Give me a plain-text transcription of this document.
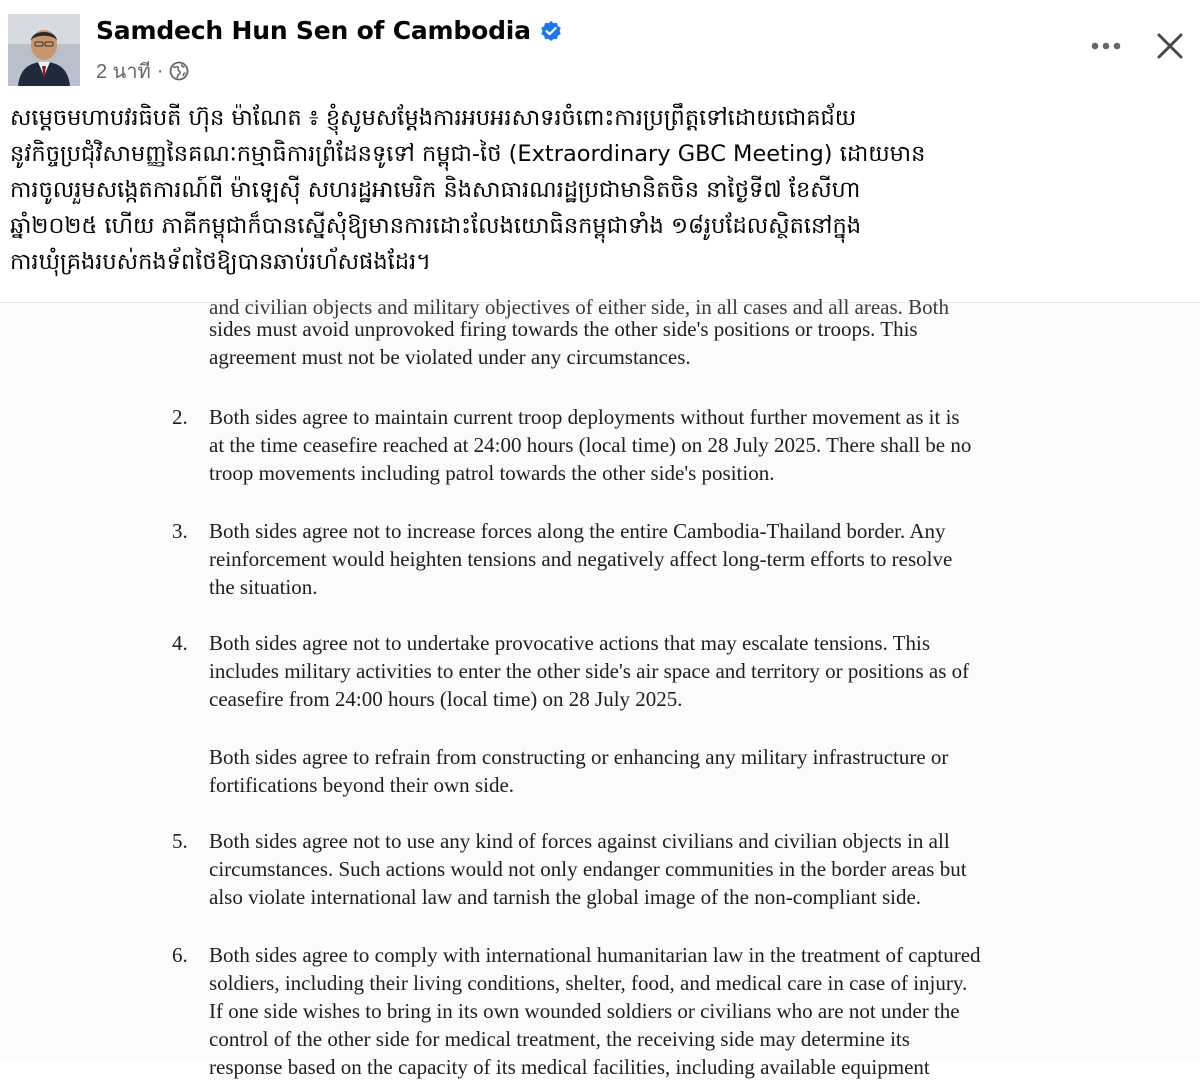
Samdech Hun Sen of Cambodia
2 นาที ·
សម្តេចមហាបវរធិបតី ហ៊ុន ម៉ាណែត ៖ ខ្ញុំសូមសម្តែងការអបអរសាទរចំពោះការប្រព្រឹត្តទៅដោយជោគជ័យ
នូវកិច្ចប្រជុំវិសាមញ្ញនៃគណៈកម្មាធិការព្រំដែនទូទៅ កម្ពុជា-ថៃ (Extraordinary GBC Meeting) ដោយមាន
ការចូលរួមសង្កេតការណ៍ពី ម៉ាឡេស៊ី សហរដ្ឋអាមេរិក និងសាធារណរដ្ឋប្រជាមានិតចិន នាថ្ងៃទី៧ ខែសីហា
ឆ្នាំ២០២៥ ហើយ ភាគីកម្ពុជាក៏បានស្នើសុំឱ្យមានការដោះលែងយោធិនកម្ពុជាទាំង ១៨រូបដែលស្ថិតនៅក្នុង
ការឃុំគ្រងរបស់កងទ័ពថៃឱ្យបានឆាប់រហ័សផងដែរ។
and civilian objects and military objectives of either side, in all cases and all areas. Both
sides must avoid unprovoked firing towards the other side's positions or troops. This
agreement must not be violated under any circumstances.
2.	Both sides agree to maintain current troop deployments without further movement as it is
at the time ceasefire reached at 24:00 hours (local time) on 28 July 2025. There shall be no
troop movements including patrol towards the other side's position.
3.	Both sides agree not to increase forces along the entire Cambodia-Thailand border. Any
reinforcement would heighten tensions and negatively affect long-term efforts to resolve
the situation.
4.	Both sides agree not to undertake provocative actions that may escalate tensions. This
includes military activities to enter the other side's air space and territory or positions as of
ceasefire from 24:00 hours (local time) on 28 July 2025.
Both sides agree to refrain from constructing or enhancing any military infrastructure or
fortifications beyond their own side.
5.	Both sides agree not to use any kind of forces against civilians and civilian objects in all
circumstances. Such actions would not only endanger communities in the border areas but
also violate international law and tarnish the global image of the non-compliant side.
6.	Both sides agree to comply with international humanitarian law in the treatment of captured
soldiers, including their living conditions, shelter, food, and medical care in case of injury.
If one side wishes to bring in its own wounded soldiers or civilians who are not under the
control of the other side for medical treatment, the receiving side may determine its
response based on the capacity of its medical facilities, including available equipment
